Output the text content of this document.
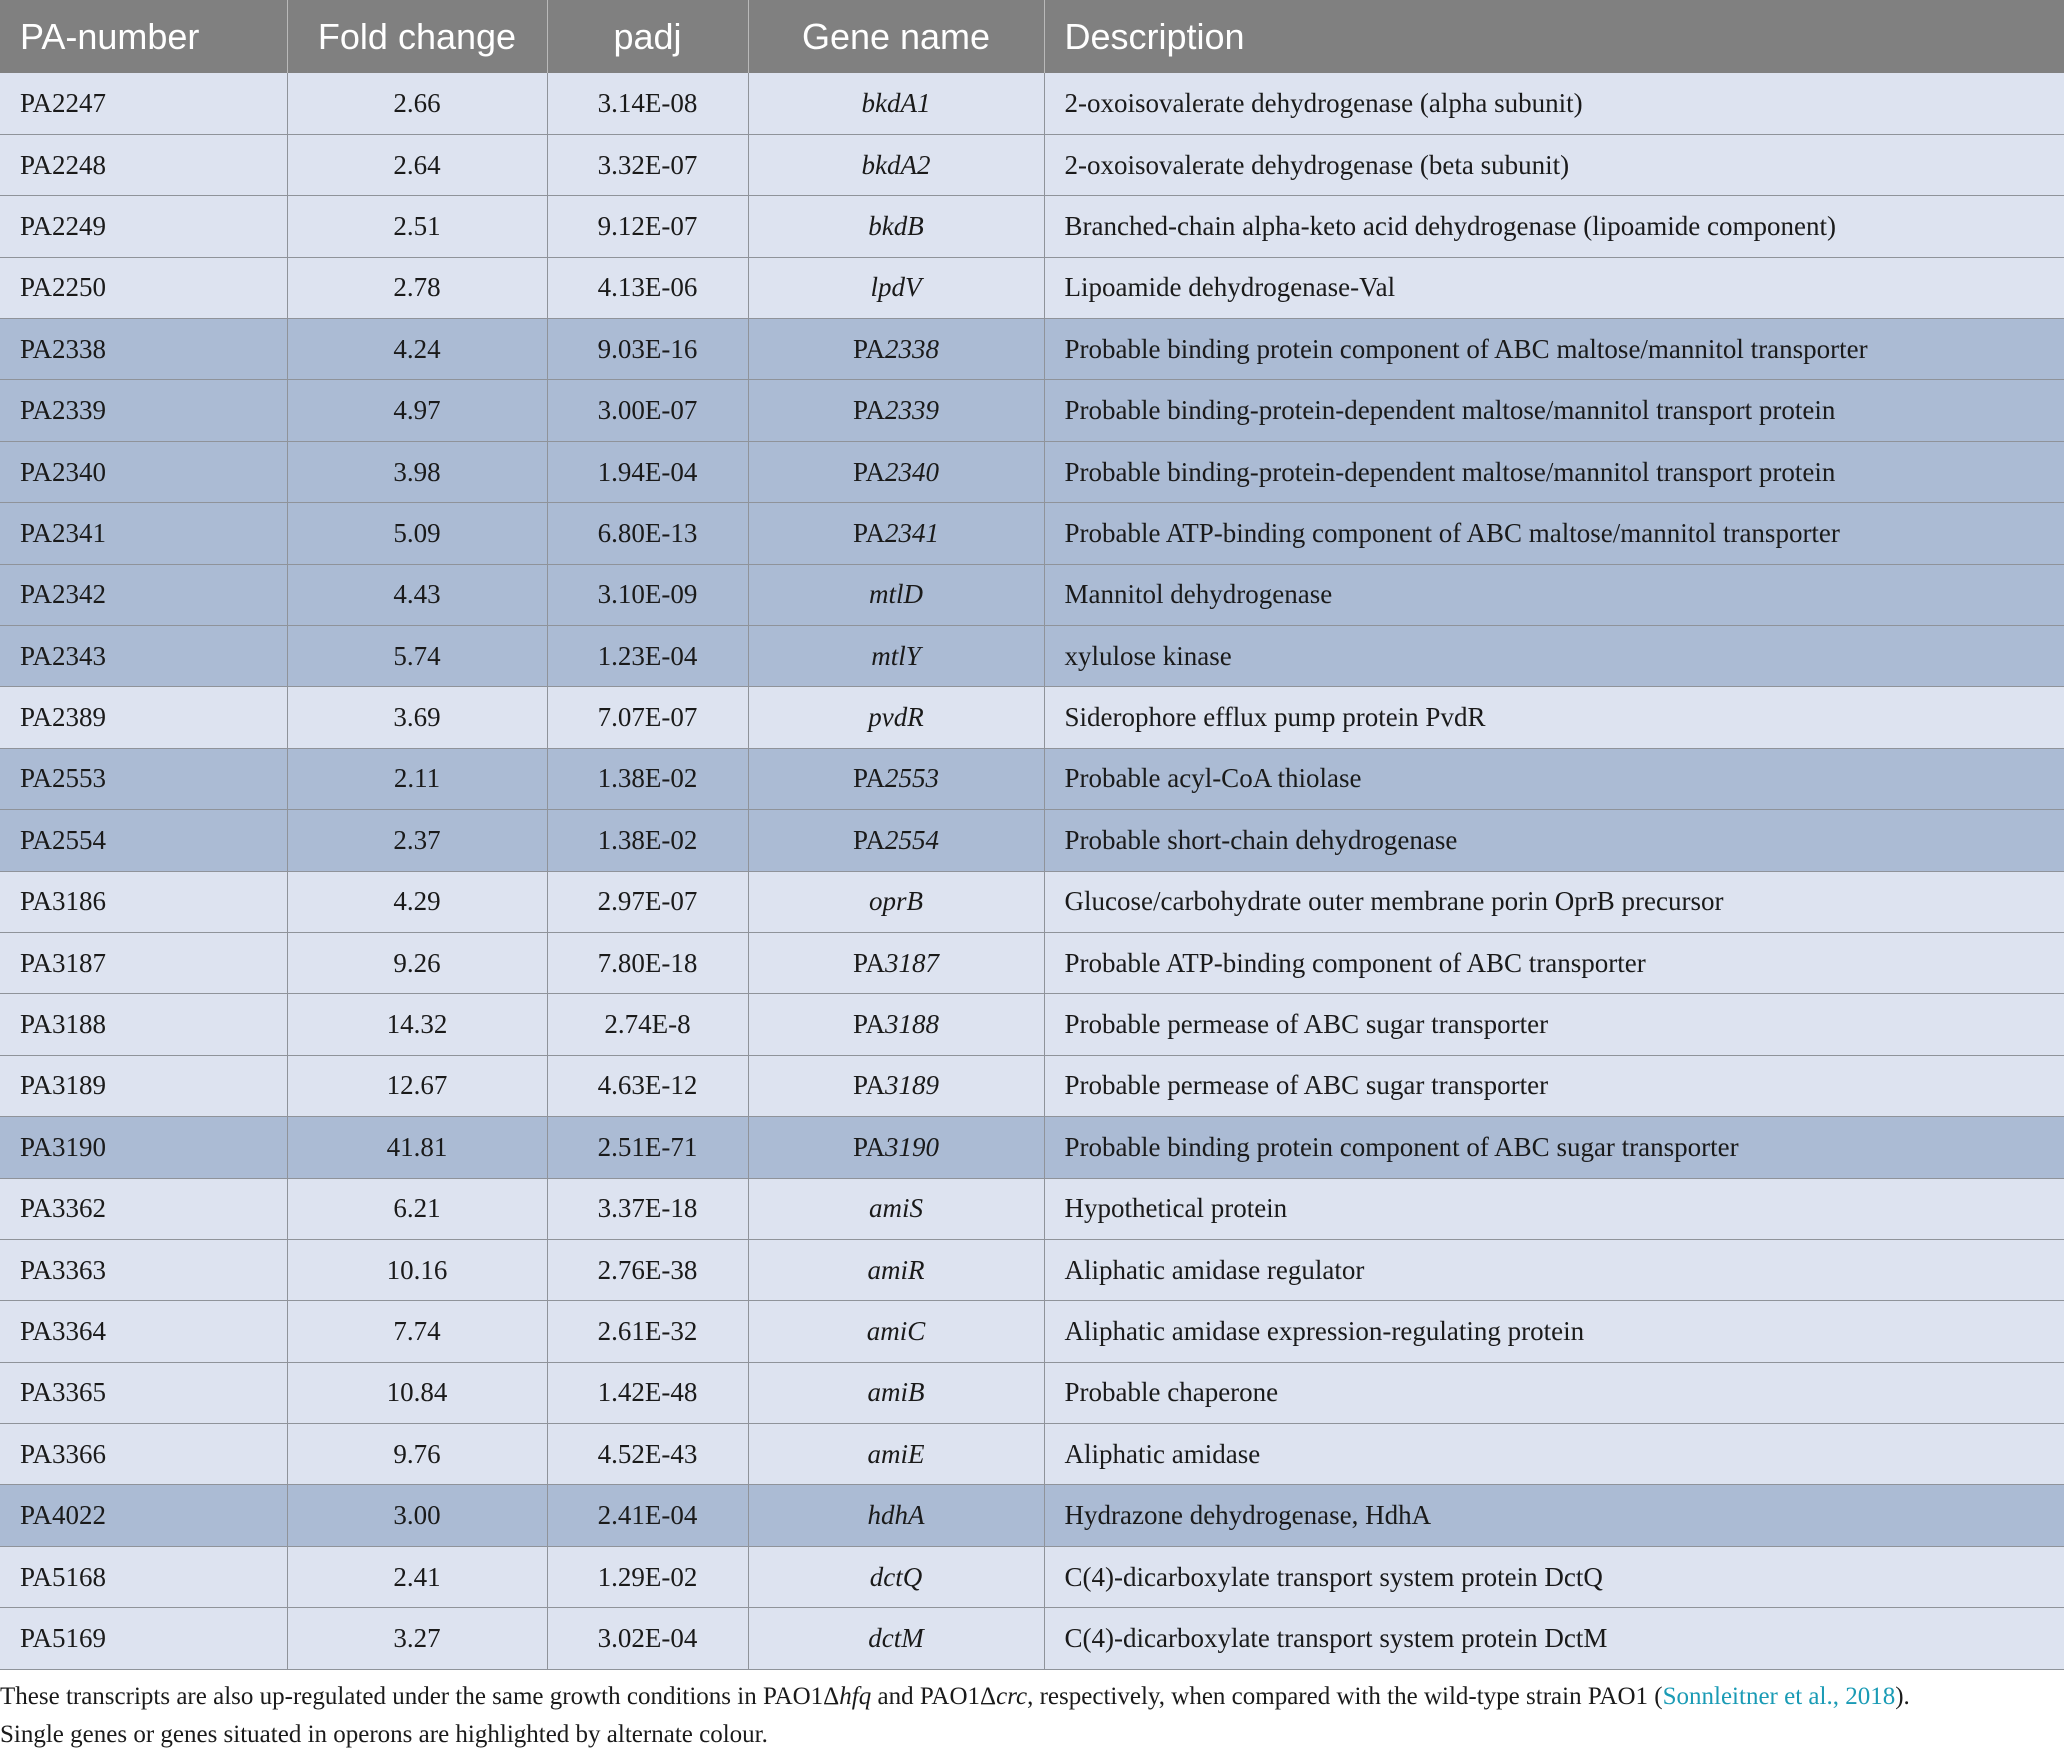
PA-number	Fold change	padj	Gene name	Description
PA2247	2.66	3.14E-08	bkdA1	2-oxoisovalerate dehydrogenase (alpha subunit)
PA2248	2.64	3.32E-07	bkdA2	2-oxoisovalerate dehydrogenase (beta subunit)
PA2249	2.51	9.12E-07	bkdB	Branched-chain alpha-keto acid dehydrogenase (lipoamide component)
PA2250	2.78	4.13E-06	lpdV	Lipoamide dehydrogenase-Val
PA2338	4.24	9.03E-16	PA2338	Probable binding protein component of ABC maltose/mannitol transporter
PA2339	4.97	3.00E-07	PA2339	Probable binding-protein-dependent maltose/mannitol transport protein
PA2340	3.98	1.94E-04	PA2340	Probable binding-protein-dependent maltose/mannitol transport protein
PA2341	5.09	6.80E-13	PA2341	Probable ATP-binding component of ABC maltose/mannitol transporter
PA2342	4.43	3.10E-09	mtlD	Mannitol dehydrogenase
PA2343	5.74	1.23E-04	mtlY	xylulose kinase
PA2389	3.69	7.07E-07	pvdR	Siderophore efflux pump protein PvdR
PA2553	2.11	1.38E-02	PA2553	Probable acyl-CoA thiolase
PA2554	2.37	1.38E-02	PA2554	Probable short-chain dehydrogenase
PA3186	4.29	2.97E-07	oprB	Glucose/carbohydrate outer membrane porin OprB precursor
PA3187	9.26	7.80E-18	PA3187	Probable ATP-binding component of ABC transporter
PA3188	14.32	2.74E-8	PA3188	Probable permease of ABC sugar transporter
PA3189	12.67	4.63E-12	PA3189	Probable permease of ABC sugar transporter
PA3190	41.81	2.51E-71	PA3190	Probable binding protein component of ABC sugar transporter
PA3362	6.21	3.37E-18	amiS	Hypothetical protein
PA3363	10.16	2.76E-38	amiR	Aliphatic amidase regulator
PA3364	7.74	2.61E-32	amiC	Aliphatic amidase expression-regulating protein
PA3365	10.84	1.42E-48	amiB	Probable chaperone
PA3366	9.76	4.52E-43	amiE	Aliphatic amidase
PA4022	3.00	2.41E-04	hdhA	Hydrazone dehydrogenase, HdhA
PA5168	2.41	1.29E-02	dctQ	C(4)-dicarboxylate transport system protein DctQ
PA5169	3.27	3.02E-04	dctM	C(4)-dicarboxylate transport system protein DctM
These transcripts are also up-regulated under the same growth conditions in PAO1Δhfq and PAO1Δcrc, respectively, when compared with the wild-type strain PAO1 (Sonnleitner et al., 2018).
Single genes or genes situated in operons are highlighted by alternate colour.
